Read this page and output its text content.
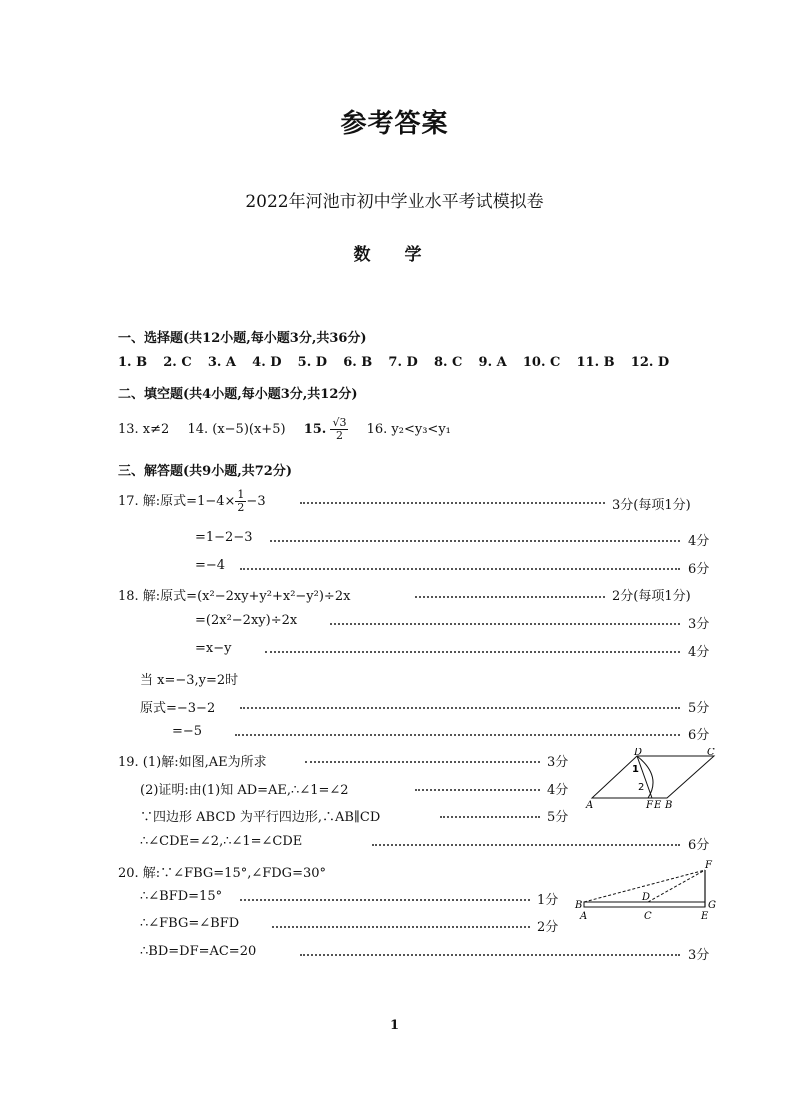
参考答案
2022年河池市初中学业水平考试模拟卷
数 学
一、选择题(共12小题,每小题3分,共36分)
1. B 2. C 3. A 4. D 5. D 6. B 7. D 8. C 9. A 10. C 11. B 12. D
二、填空题(共4小题,每小题3分,共12分)
13. x≠2 14. (x−5)(x+5) 15. $\frac{√3}{2} 16$. y₂<y₃<y₁
三、解答题(共9小题,共72分)
17. 解:原式$=1-4\times \frac{1}{2} -3$	3分(每项1分)
=1−2−3	4分
=−4	6分
18. 解:原式=(x²−2xy+y²+x²−y²)÷2x	2分(每项1分)
=(2x²−2xy)÷2x	3分
=x−y	4分
当 x=−3,y=2时
原式=−3−2	5分
=−5	6分
19. (1)解:如图,AE为所求	3分
(2)证明:由(1)知 AD=AE,∴∠1=∠2	4分
∵四边形 ABCD 为平行四边形,∴AB∥CD	5分
∴∠CDE=∠2,∴∠1=∠CDE	6分
D	C
1
2
A	F E B
20. 解:∵∠FBG=15°,∠FDG=30°
∴∠BFD=15°	1分
∴∠FBG=∠BFD	2分
∴BD=DF=AC=20	3分
F
B
D
G
A	C	E
1
